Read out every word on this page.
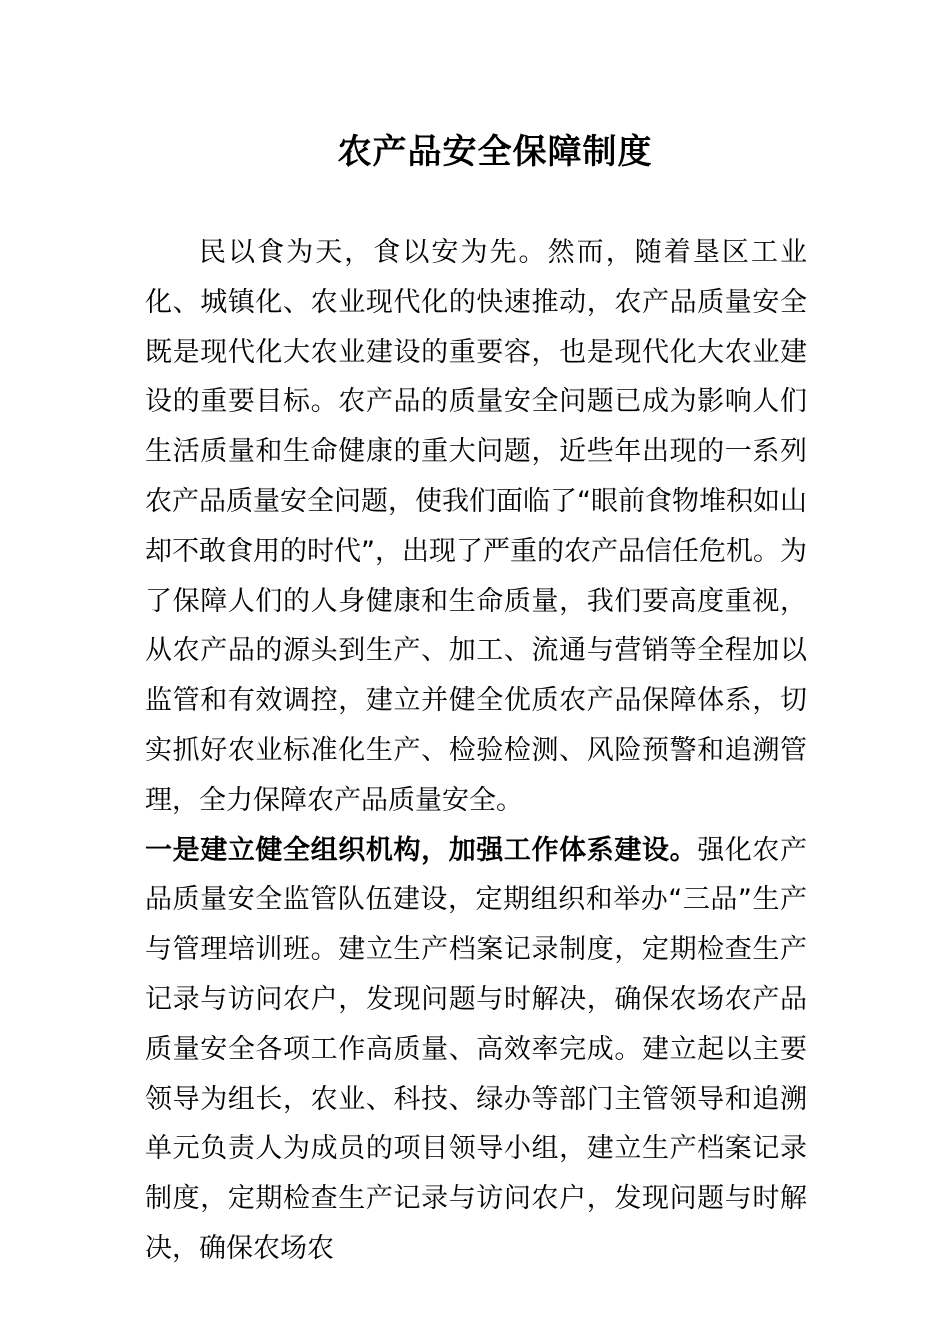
农产品安全保障制度

民以食为天，食以安为先。然而，随着垦区工业化、城镇化、农业现代化的快速推动，农产品质量安全既是现代化大农业建设的重要容，也是现代化大农业建设的重要目标。农产品的质量安全问题已成为影响人们生活质量和生命健康的重大问题，近些年出现的一系列农产品质量安全问题，使我们面临了“眼前食物堆积如山却不敢食用的时代”，出现了严重的农产品信任危机。为了保障人们的人身健康和生命质量，我们要高度重视，从农产品的源头到生产、加工、流通与营销等全程加以监管和有效调控，建立并健全优质农产品保障体系，切实抓好农业标准化生产、检验检测、风险预警和追溯管理，全力保障农产品质量安全。

一是建立健全组织机构，加强工作体系建设。强化农产品质量安全监管队伍建设，定期组织和举办“三品”生产与管理培训班。建立生产档案记录制度，定期检查生产记录与访问农户，发现问题与时解决，确保农场农产品质量安全各项工作高质量、高效率完成。建立起以主要领导为组长，农业、科技、绿办等部门主管领导和追溯单元负责人为成员的项目领导小组，建立生产档案记录制度，定期检查生产记录与访问农户，发现问题与时解决，确保农场农
